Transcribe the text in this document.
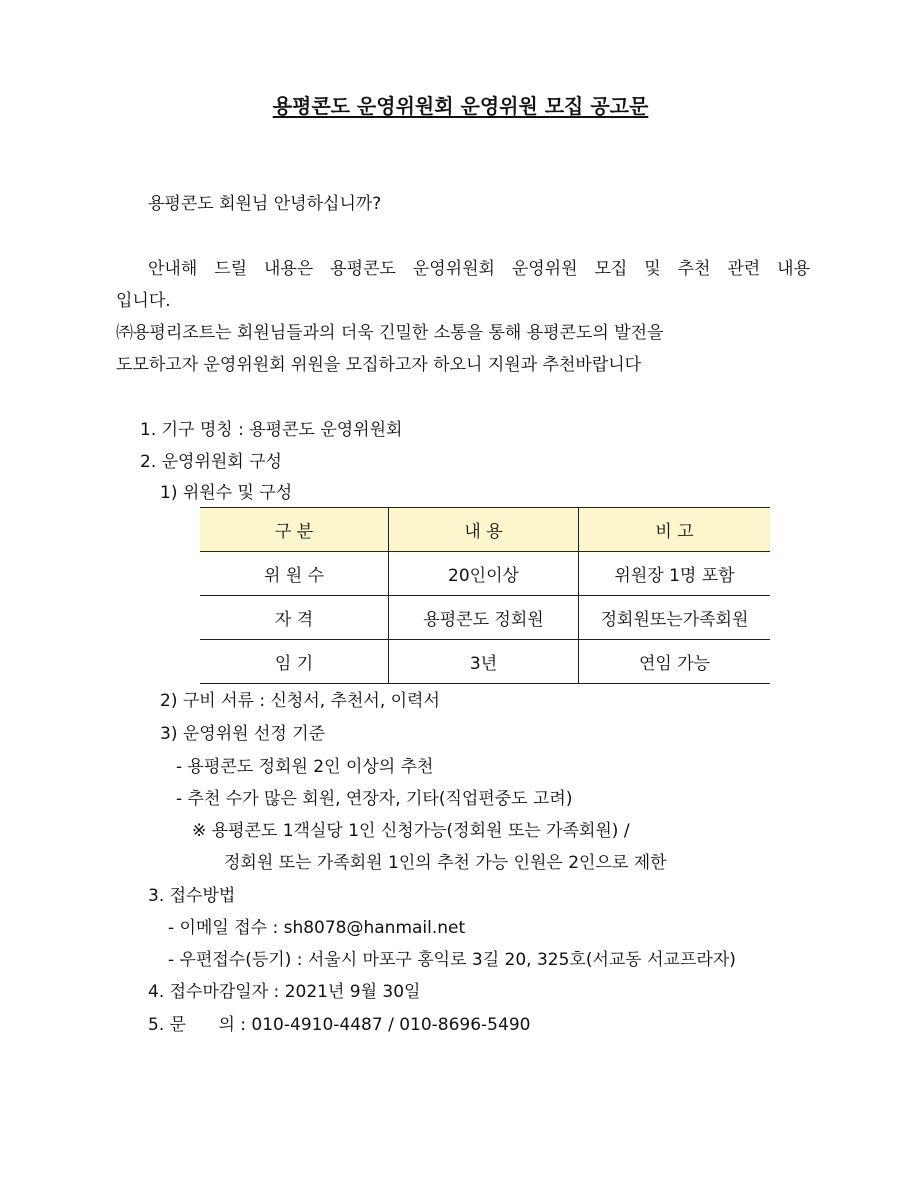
용평콘도 운영위원회 운영위원 모집 공고문

용평콘도 회원님 안녕하십니까?

안내해 드릴 내용은 용평콘도 운영위원회 운영위원 모집 및 추천 관련 내용

입니다.

㈜용평리조트는 회원님들과의 더욱 긴밀한 소통을 통해 용평콘도의 발전을

도모하고자 운영위원회 위원을 모집하고자 하오니 지원과 추천바랍니다

1. 기구 명칭 : 용평콘도 운영위원회

2. 운영위원회 구성

1) 위원수 및 구성

구 분	내 용	비 고
위 원 수	20인이상	위원장 1명 포함
자 격	용평콘도 정회원	정회원또는가족회원
임 기	3년	연임 가능

2) 구비 서류 : 신청서, 추천서, 이력서

3) 운영위원 선정 기준

- 용평콘도 정회원 2인 이상의 추천

- 추천 수가 많은 회원, 연장자, 기타(직업편중도 고려)

※ 용평콘도 1객실당 1인 신청가능(정회원 또는 가족회원) /

정회원 또는 가족회원 1인의 추천 가능 인원은 2인으로 제한

3. 접수방법

- 이메일 접수 : sh8078@hanmail.net

- 우편접수(등기) : 서울시 마포구 홍익로 3길 20, 325호(서교동 서교프라자)

4. 접수마감일자 : 2021년 9월 30일

5. 문      의 : 010-4910-4487 / 010-8696-5490
